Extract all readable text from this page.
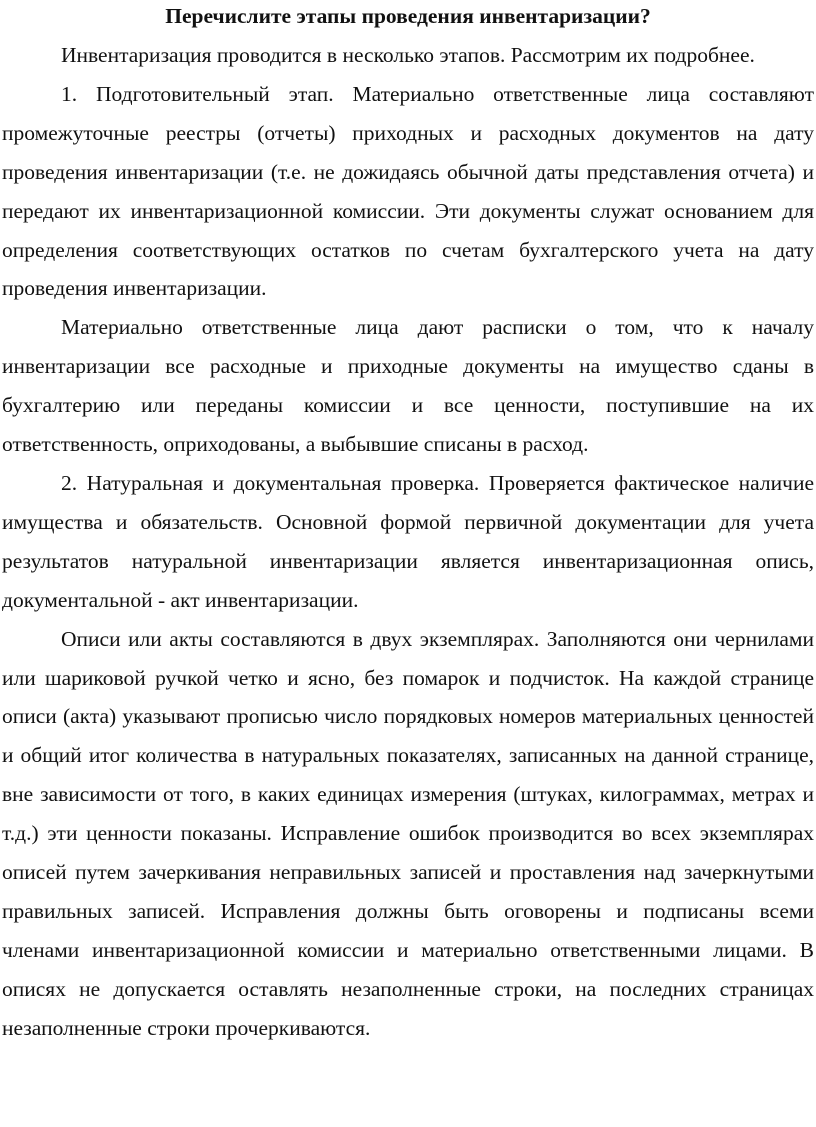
Перечислите этапы проведения инвентаризации?

Инвентаризация проводится в несколько этапов. Рассмотрим их подробнее.

1. Подготовительный этап. Материально ответственные лица составляют промежуточные реестры (отчеты) приходных и расходных документов на дату проведения инвентаризации (т.е. не дожидаясь обычной даты представления отчета) и передают их инвентаризационной комиссии. Эти документы служат основанием для определения соответствующих остатков по счетам бухгалтерского учета на дату проведения инвентаризации.

Материально ответственные лица дают расписки о том, что к началу инвентаризации все расходные и приходные документы на имущество сданы в бухгалтерию или переданы комиссии и все ценности, поступившие на их ответственность, оприходованы, а выбывшие списаны в расход.

2. Натуральная и документальная проверка. Проверяется фактическое наличие имущества и обязательств. Основной формой первичной документации для учета результатов натуральной инвентаризации является инвентаризационная опись, документальной - акт инвентаризации.

Описи или акты составляются в двух экземплярах. Заполняются они чернилами или шариковой ручкой четко и ясно, без помарок и подчисток. На каждой странице описи (акта) указывают прописью число порядковых номеров материальных ценностей и общий итог количества в натуральных показателях, записанных на данной странице, вне зависимости от того, в каких единицах измерения (штуках, килограммах, метрах и т.д.) эти ценности показаны. Исправление ошибок производится во всех экземплярах описей путем зачеркивания неправильных записей и проставления над зачеркнутыми правильных записей. Исправления должны быть оговорены и подписаны всеми членами инвентаризационной комиссии и материально ответственными лицами. В описях не допускается оставлять незаполненные строки, на последних страницах незаполненные строки прочеркиваются.
